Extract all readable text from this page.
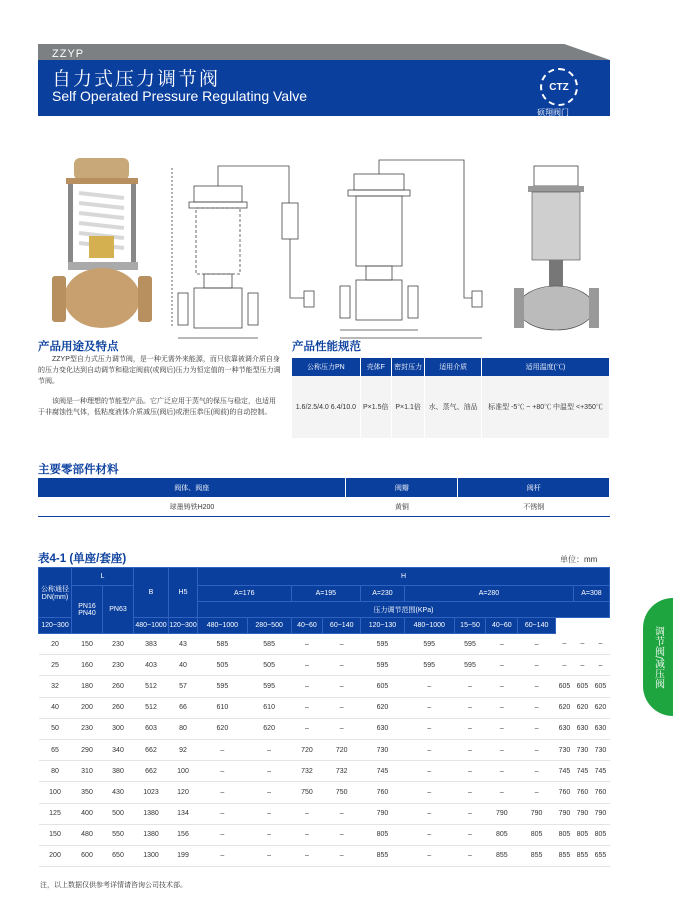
ZZYP
自力式压力调节阀
Self Operated Pressure Regulating Valve
CTZ
硕翔阀门
产品用途及特点
ZZYP型自力式压力调节阀，是一种无需外来能源，而只依靠被调介质自身的压力变化达到自动调节和稳定阀前(或阀后)压力为恒定值的一种节能型压力调节阀。
该阀是一种理想的节能型产品。它广泛应用于蒸气的保压与稳定，也适用于非腐蚀性气体，低粘度液体介质减压(阀后)或泄压恭压(阀前)的自动控制。
产品性能规范
公称压力PN	壳体F	密封压力	适用介质	适用温度(℃)
1.6/2.5/4.0 6.4/10.0	P×1.5倍	P×1.1倍	水、蒸气、油品	标准型 -5℃ ~ +80℃ 中温型 <+350℃
主要零部件材料
阀体、阀座	阀瓣	阀杆
球墨铸铁H200	黄铜	不锈钢
表4-1 (单座/套座)	单位：mm
公称通径DN(mm)	L		B	H5	H											
	PN16 PN40	PN63			A=176		A=195		A=230	A=280					A=308	
					压力调节范围(KPa)											
120~300			480~1000	120~300	480~1000	280~500	40~60	60~140	120~130	480~1000	15~50	40~60	60~140			
20	150	230	383	43	585	585	–	–	595	595	595	–	–	–	–	–
25	160	230	403	40	505	505	–	–	595	595	595	–	–	–	–	–
32	180	260	512	57	595	595	–	–	605	–	–	–	–	605	605	605
40	200	260	512	66	610	610	–	–	620	–	–	–	–	620	620	620
50	230	300	603	80	620	620	–	–	630	–	–	–	–	630	630	630
65	290	340	662	92	–	–	720	720	730	–	–	–	–	730	730	730
80	310	380	662	100	–	–	732	732	745	–	–	–	–	745	745	745
100	350	430	1023	120	–	–	750	750	760	–	–	–	–	760	760	760
125	400	500	1380	134	–	–	–	–	790	–	–	790	790	790	790	790
150	480	550	1380	156	–	–	–	–	805	–	–	805	805	805	805	805
200	600	650	1300	199	–	–	–	–	855	–	–	855	855	855	855	655
注，以上数据仅供参考详情请咨询公司技术部。
调节阀/减压阀
